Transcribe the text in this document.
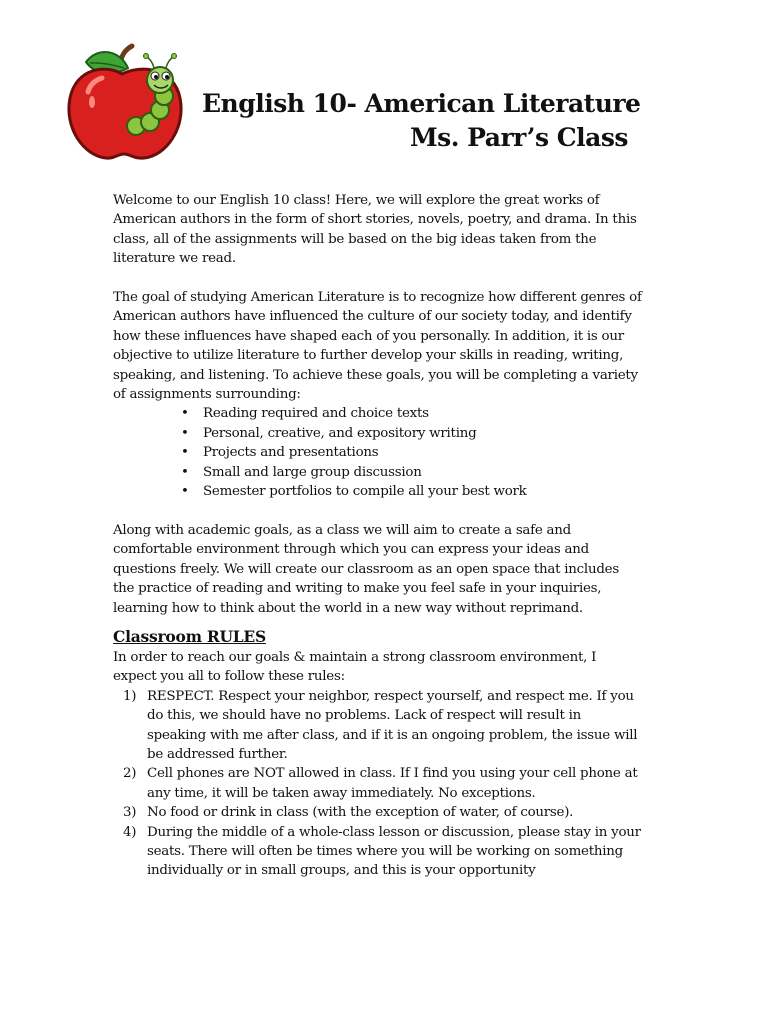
English 10- American Literature
Ms. Parr’s Class

Welcome to our English 10 class! Here, we will explore the great works of American authors in the form of short stories, novels, poetry, and drama. In this class, all of the assignments will be based on the big ideas taken from the literature we read.

The goal of studying American Literature is to recognize how different genres of American authors have influenced the culture of our society today, and identify how these influences have shaped each of you personally. In addition, it is our objective to utilize literature to further develop your skills in reading, writing, speaking, and listening. To achieve these goals, you will be completing a variety of assignments surrounding:

• Reading required and choice texts
• Personal, creative, and expository writing
• Projects and presentations
• Small and large group discussion
• Semester portfolios to compile all your best work

Along with academic goals, as a class we will aim to create a safe and comfortable environment through which you can express your ideas and questions freely. We will create our classroom as an open space that includes the practice of reading and writing to make you feel safe in your inquiries, learning how to think about the world in a new way without reprimand.

Classroom RULES

In order to reach our goals & maintain a strong classroom environment, I expect you all to follow these rules:

1) RESPECT. Respect your neighbor, respect yourself, and respect me. If you do this, we should have no problems. Lack of respect will result in speaking with me after class, and if it is an ongoing problem, the issue will be addressed further.
2) Cell phones are NOT allowed in class. If I find you using your cell phone at any time, it will be taken away immediately. No exceptions.
3) No food or drink in class (with the exception of water, of course).
4) During the middle of a whole-class lesson or discussion, please stay in your seats. There will often be times where you will be working on something individually or in small groups, and this is your opportunity
